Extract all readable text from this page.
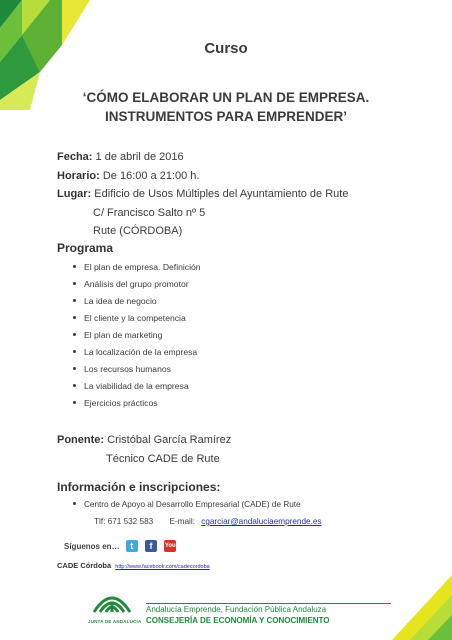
Curso
‘CÓMO ELABORAR UN PLAN DE EMPRESA.
INSTRUMENTOS PARA EMPRENDER’
Fecha: 1 de abril de 2016
Horario: De 16:00 a 21:00 h.
Lugar: Edificio de Usos Múltiples del Ayuntamiento de Rute
C/ Francisco Salto nº 5
Rute (CÓRDOBA)
Programa
El plan de empresa. Definición
Análisis del grupo promotor
La idea de negocio
El cliente y la competencia
El plan de marketing
La localización de la empresa
Los recursos humanos
La viabilidad de la empresa
Ejercicios prácticos
Ponente: Cristóbal García Ramírez
Técnico CADE de Rute
Información e inscripciones:
Centro de Apoyo al Desarrollo Empresarial (CADE) de Rute
Tlf: 671 532 583 E-mail: cgarciar@andaluciaemprende.es
Síguenos en… t f You
CADE Córdoba http://www.facebook.com/cadecordoba
JUNTA DE ANDALUCIA
Andalucía Emprende, Fundación Pública Andaluza
CONSEJERÍA DE ECONOMÍA Y CONOCIMIENTO
